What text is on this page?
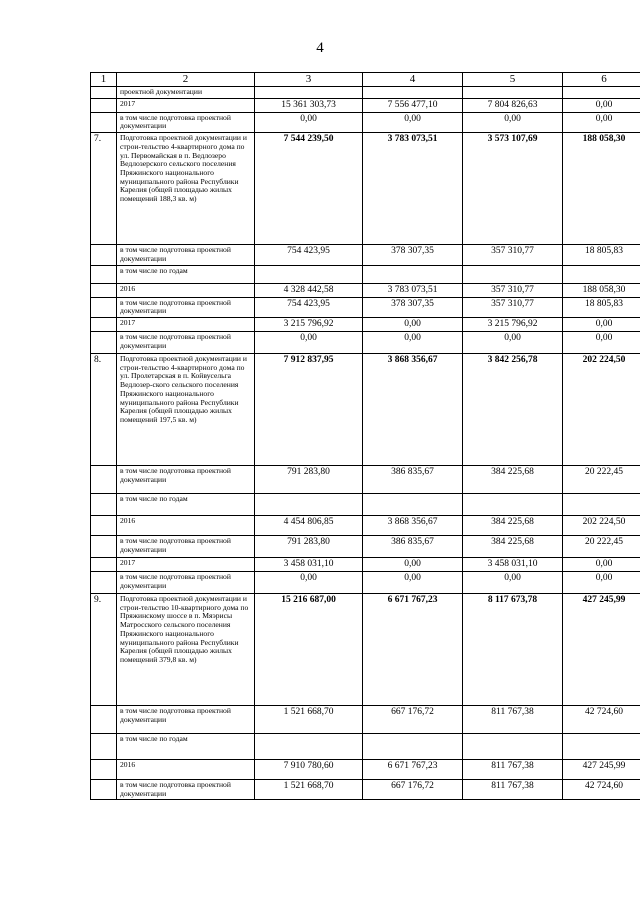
4
1	2	3	4	5	6
	проектной документации				
	2017	15 361 303,73	7 556 477,10	7 804 826,63	0,00
	в том числе подготовка проектной документации	0,00	0,00	0,00	0,00
7.	Подготовка проектной документации и строи-тельство 4-квартирного дома по ул. Первомайская в п. Ведлозеро Ведлозерского сельского поселения Пряжинского национального муниципального района Республики Карелия (общей площадью жилых помещений 188,3 кв. м)	7 544 239,50	3 783 073,51	3 573 107,69	188 058,30
	в том числе подготовка проектной документации	754 423,95	378 307,35	357 310,77	18 805,83
	в том числе по годам				
	2016	4 328 442,58	3 783 073,51	357 310,77	188 058,30
	в том числе подготовка проектной документации	754 423,95	378 307,35	357 310,77	18 805,83
	2017	3 215 796,92	0,00	3 215 796,92	0,00
	в том числе подготовка проектной документации	0,00	0,00	0,00	0,00
8.	Подготовка проектной документации и строи-тельство 4-квартирного дома по ул. Пролетарская в п. Койвусельга Ведлозер-ского сельского поселения Пряжинского национального муниципального района Республики Карелия (общей площадью жилых помещений 197,5 кв. м)	7 912 837,95	3 868 356,67	3 842 256,78	202 224,50
	в том числе подготовка проектной документации	791 283,80	386 835,67	384 225,68	20 222,45
	в том числе по годам				
	2016	4 454 806,85	3 868 356,67	384 225,68	202 224,50
	в том числе подготовка проектной документации	791 283,80	386 835,67	384 225,68	20 222,45
	2017	3 458 031,10	0,00	3 458 031,10	0,00
	в том числе подготовка проектной документации	0,00	0,00	0,00	0,00
9.	Подготовка проектной документации и строи-тельство 10-квартирного дома по Пряжинскому шоссе в п. Мяэрисы Матросского сельского поселения Пряжинского национального муниципального района Республики Карелия (общей площадью жилых помещений 379,8 кв. м)	15 216 687,00	6 671 767,23	8 117 673,78	427 245,99
	в том числе подготовка проектной документации	1 521 668,70	667 176,72	811 767,38	42 724,60
	в том числе по годам				
	2016	7 910 780,60	6 671 767,23	811 767,38	427 245,99
	в том числе подготовка проектной документации	1 521 668,70	667 176,72	811 767,38	42 724,60
